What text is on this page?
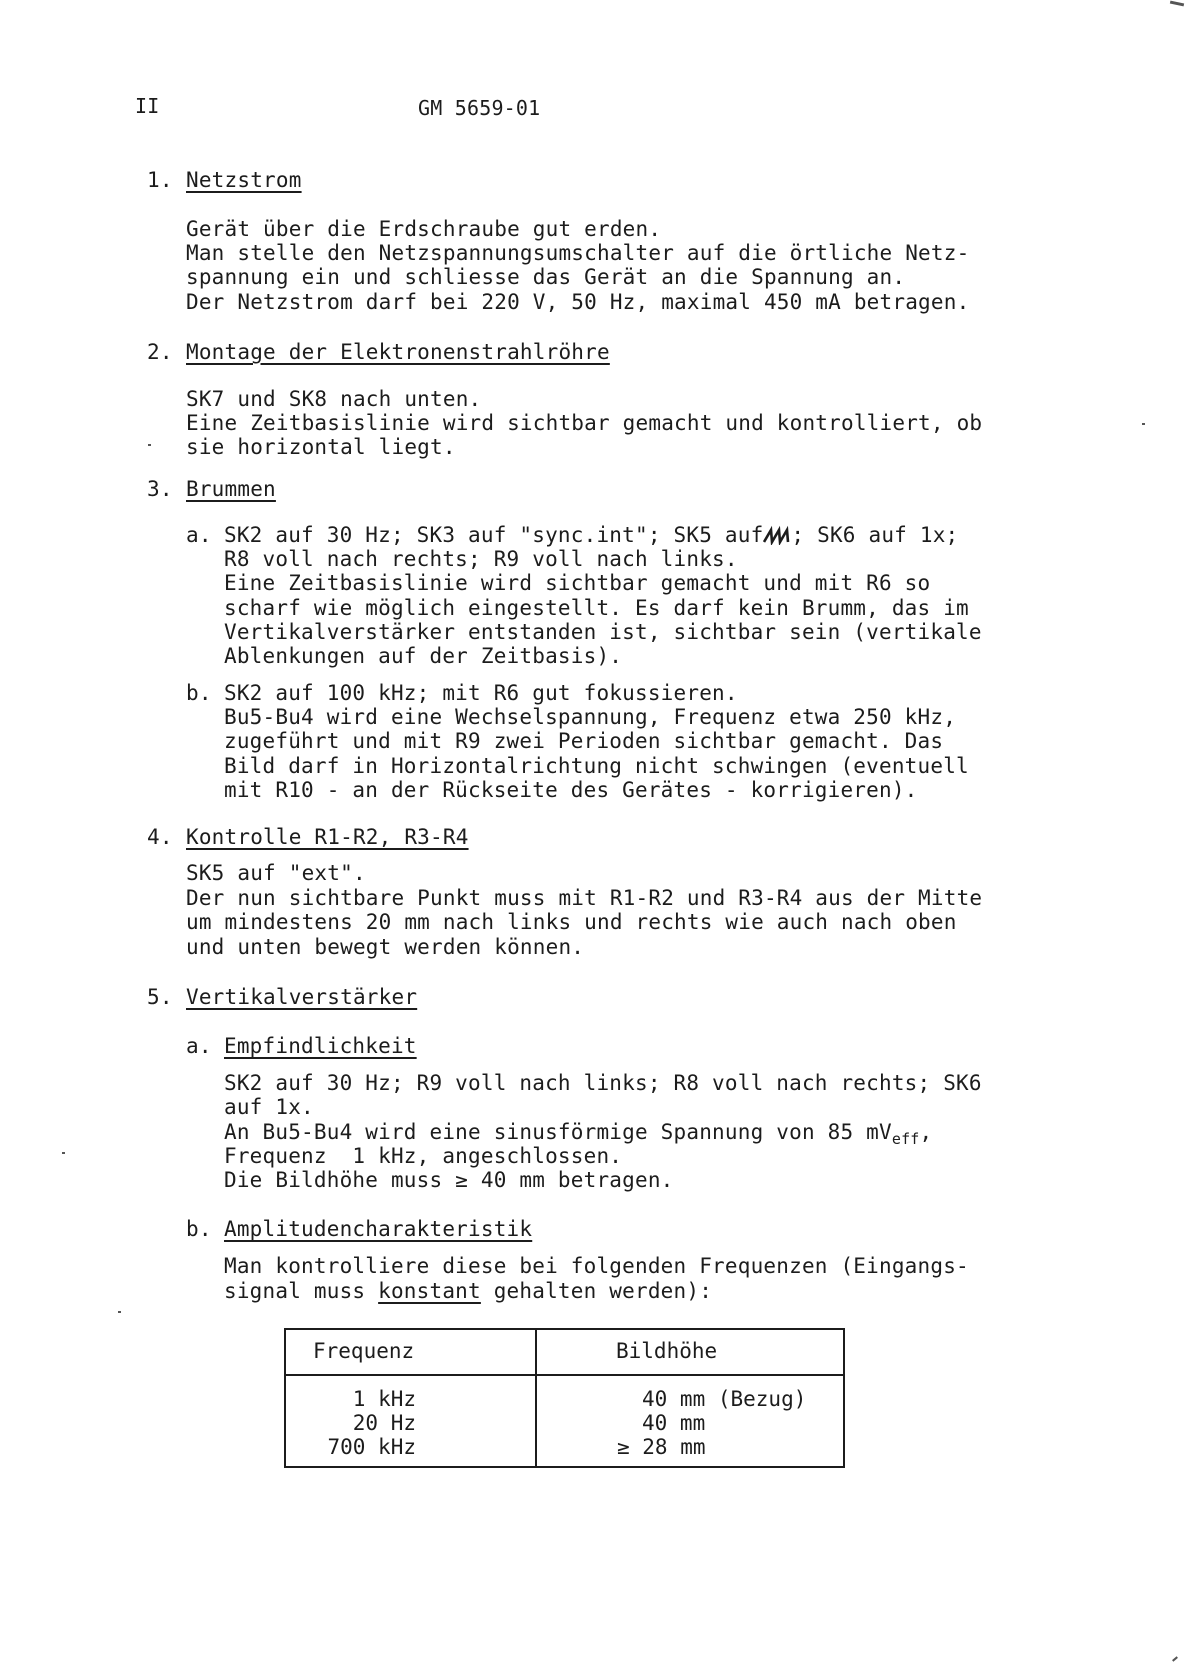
II	GM 5659-01
1. Netzstrom
Gerät über die Erdschraube gut erden.
Man stelle den Netzspannungsumschalter auf die örtliche Netz-
spannung ein und schliesse das Gerät an die Spannung an.
Der Netzstrom darf bei 220 V, 50 Hz, maximal 450 mA betragen.
2. Montage der Elektronenstrahlröhre
SK7 und SK8 nach unten.
Eine Zeitbasislinie wird sichtbar gemacht und kontrolliert, ob
sie horizontal liegt.
3. Brummen
a. SK2 auf 30 Hz; SK3 auf "sync.int"; SK5 auf ; SK6 auf 1x;
R8 voll nach rechts; R9 voll nach links.
Eine Zeitbasislinie wird sichtbar gemacht und mit R6 so
scharf wie möglich eingestellt. Es darf kein Brumm, das im
Vertikalverstärker entstanden ist, sichtbar sein (vertikale
Ablenkungen auf der Zeitbasis).
b. SK2 auf 100 kHz; mit R6 gut fokussieren.
Bu5-Bu4 wird eine Wechselspannung, Frequenz etwa 250 kHz,
zugeführt und mit R9 zwei Perioden sichtbar gemacht. Das
Bild darf in Horizontalrichtung nicht schwingen (eventuell
mit R10 - an der Rückseite des Gerätes - korrigieren).
4. Kontrolle R1-R2, R3-R4
SK5 auf "ext".
Der nun sichtbare Punkt muss mit R1-R2 und R3-R4 aus der Mitte
um mindestens 20 mm nach links und rechts wie auch nach oben
und unten bewegt werden können.
5. Vertikalverstärker
a. Empfindlichkeit
SK2 auf 30 Hz; R9 voll nach links; R8 voll nach rechts; SK6
auf 1x.
An Bu5-Bu4 wird eine sinusförmige Spannung von 85 $mV_{eff}$,
Frequenz  1 kHz, angeschlossen.
Die Bildhöhe muss ≥ 40 mm betragen.
b. Amplitudencharakteristik
Man kontrolliere diese bei folgenden Frequenzen (Eingangs-
signal muss konstant gehalten werden):
Frequenz	Bildhöhe
1 kHz	40 mm (Bezug)
20 Hz	40 mm
700 kHz	≥ 28 mm
